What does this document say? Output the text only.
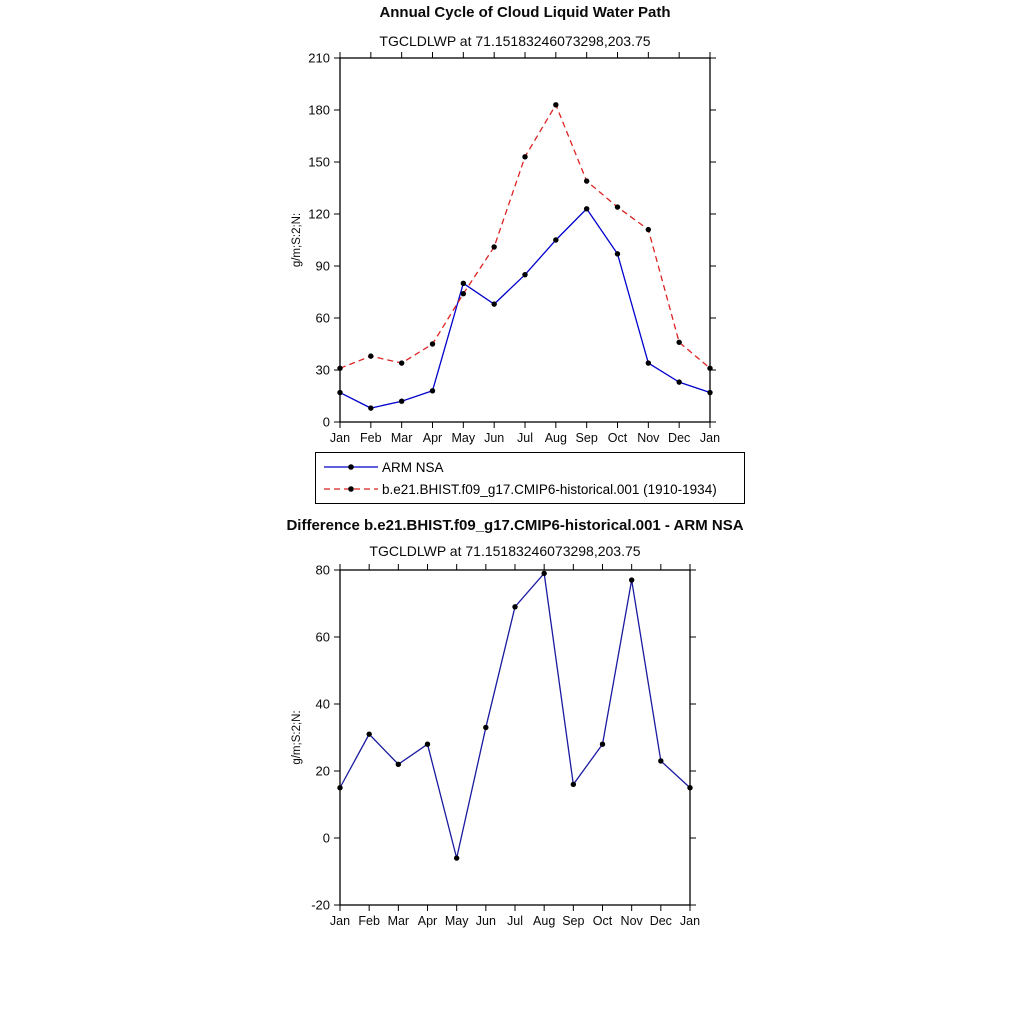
Annual Cycle of Cloud Liquid Water Path
TGCLDLWP at 71.15183246073298,203.75
0
30
60
90
120
150
180
210
Jan Feb Mar Apr May Jun Jul Aug Sep Oct Nov Dec Jan
g/m;S:2;N:
ARM NSA
b.e21.BHIST.f09_g17.CMIP6-historical.001 (1910-1934)
Difference b.e21.BHIST.f09_g17.CMIP6-historical.001 - ARM NSA
TGCLDLWP at 71.15183246073298,203.75
-20
0
20
40
60
80
Jan Feb Mar Apr May Jun Jul Aug Sep Oct Nov Dec Jan
g/m;S:2;N:
